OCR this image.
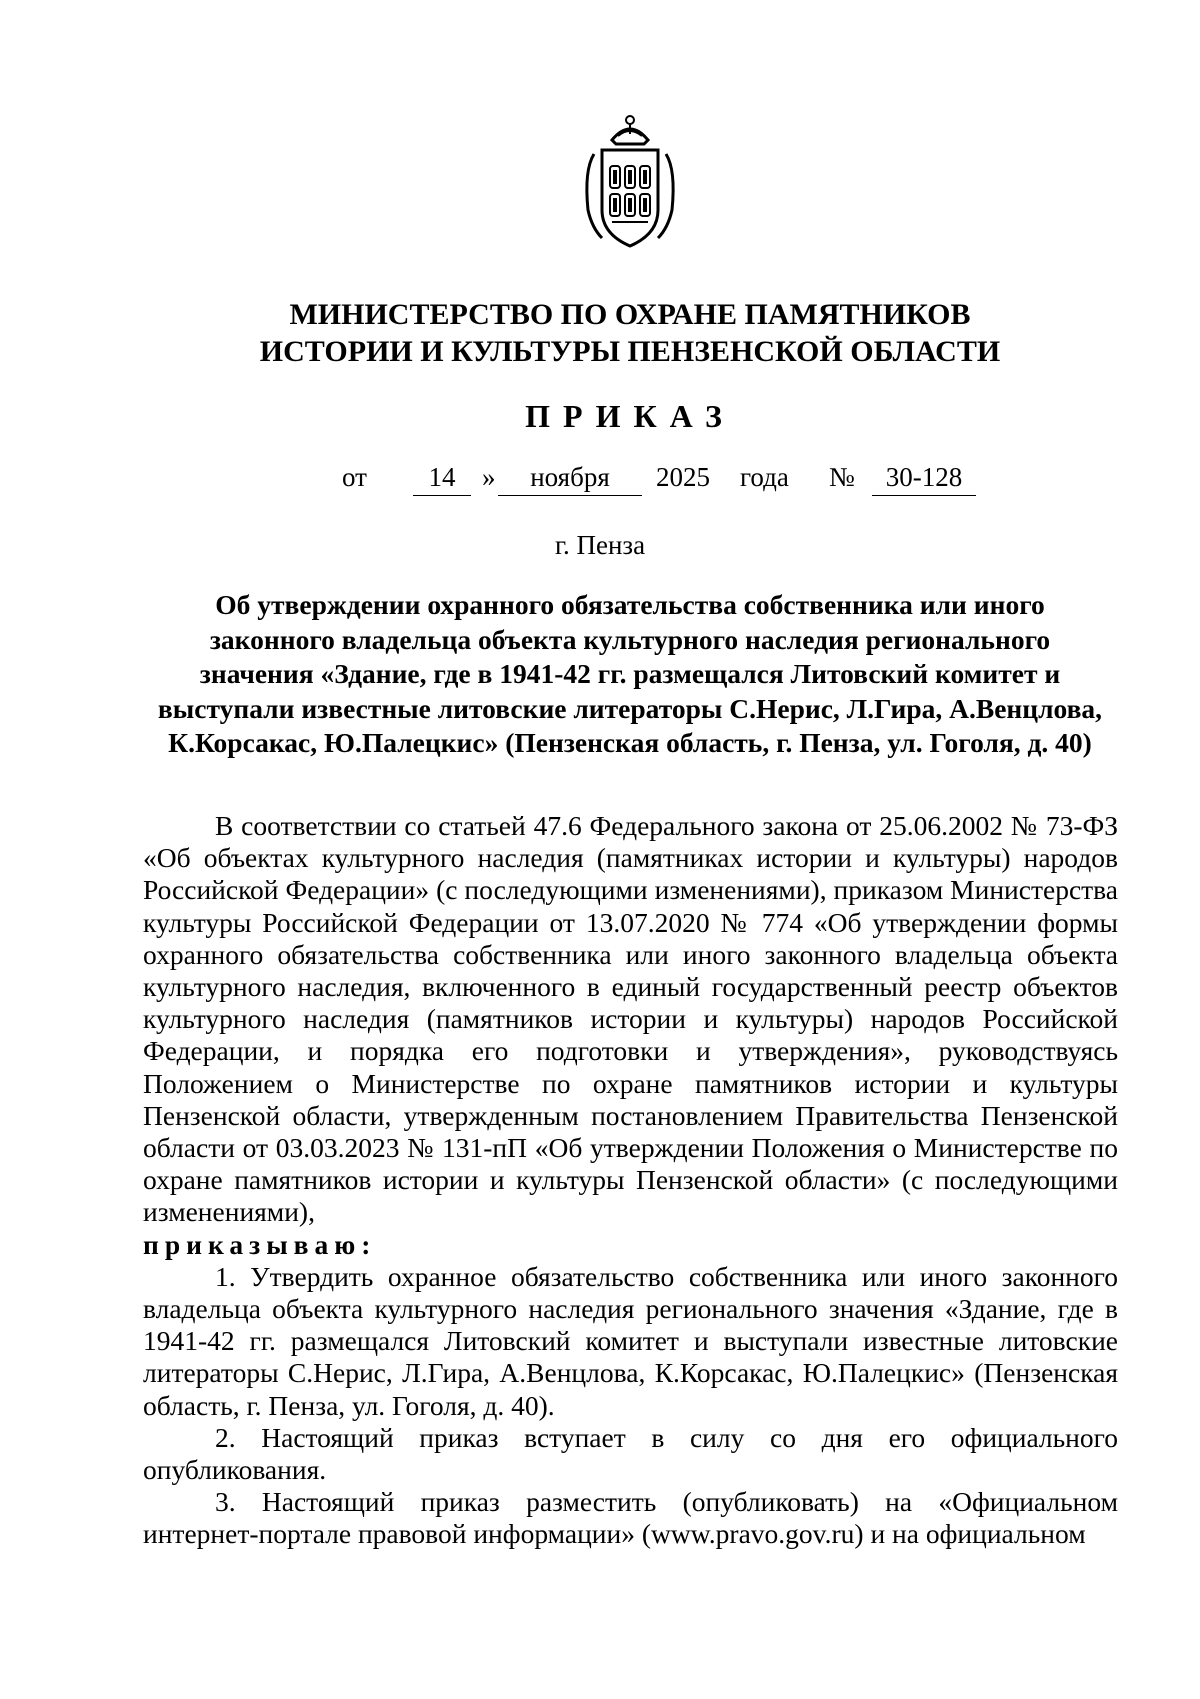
МИНИСТЕРСТВО ПО ОХРАНЕ ПАМЯТНИКОВ
ИСТОРИИ И КУЛЬТУРЫ ПЕНЗЕНСКОЙ ОБЛАСТИ
ПРИКАЗ
от	14 »	ноября	2025 года №	30-128
г. Пенза
Об утверждении охранного обязательства собственника или иного законного владельца объекта культурного наследия регионального значения «Здание, где в 1941-42 гг. размещался Литовский комитет и выступали известные литовские литераторы С.Нерис, Л.Гира, А.Венцлова, К.Корсакас, Ю.Палецкис» (Пензенская область, г. Пенза, ул. Гоголя, д. 40)

В соответствии со статьей 47.6 Федерального закона от 25.06.2002 № 73-ФЗ «Об объектах культурного наследия (памятниках истории и культуры) народов Российской Федерации» (с последующими изменениями), приказом Министерства культуры Российской Федерации от 13.07.2020 № 774 «Об утверждении формы охранного обязательства собственника или иного законного владельца объекта культурного наследия, включенного в единый государственный реестр объектов культурного наследия (памятников истории и культуры) народов Российской Федерации, и порядка его подготовки и утверждения», руководствуясь Положением о Министерстве по охране памятников истории и культуры Пензенской области, утвержденным постановлением Правительства Пензенской области от 03.03.2023 № 131-пП «Об утверждении Положения о Министерстве по охране памятников истории и культуры Пензенской области» (с последующими изменениями),

приказываю:

1. Утвердить охранное обязательство собственника или иного законного владельца объекта культурного наследия регионального значения «Здание, где в 1941-42 гг. размещался Литовский комитет и выступали известные литовские литераторы С.Нерис, Л.Гира, А.Венцлова, К.Корсакас, Ю.Палецкис» (Пензенская область, г. Пенза, ул. Гоголя, д. 40).

2. Настоящий приказ вступает в силу со дня его официального опубликования.

3. Настоящий приказ разместить (опубликовать) на «Официальном интернет-портале правовой информации» (www.pravo.gov.ru) и на официальном
